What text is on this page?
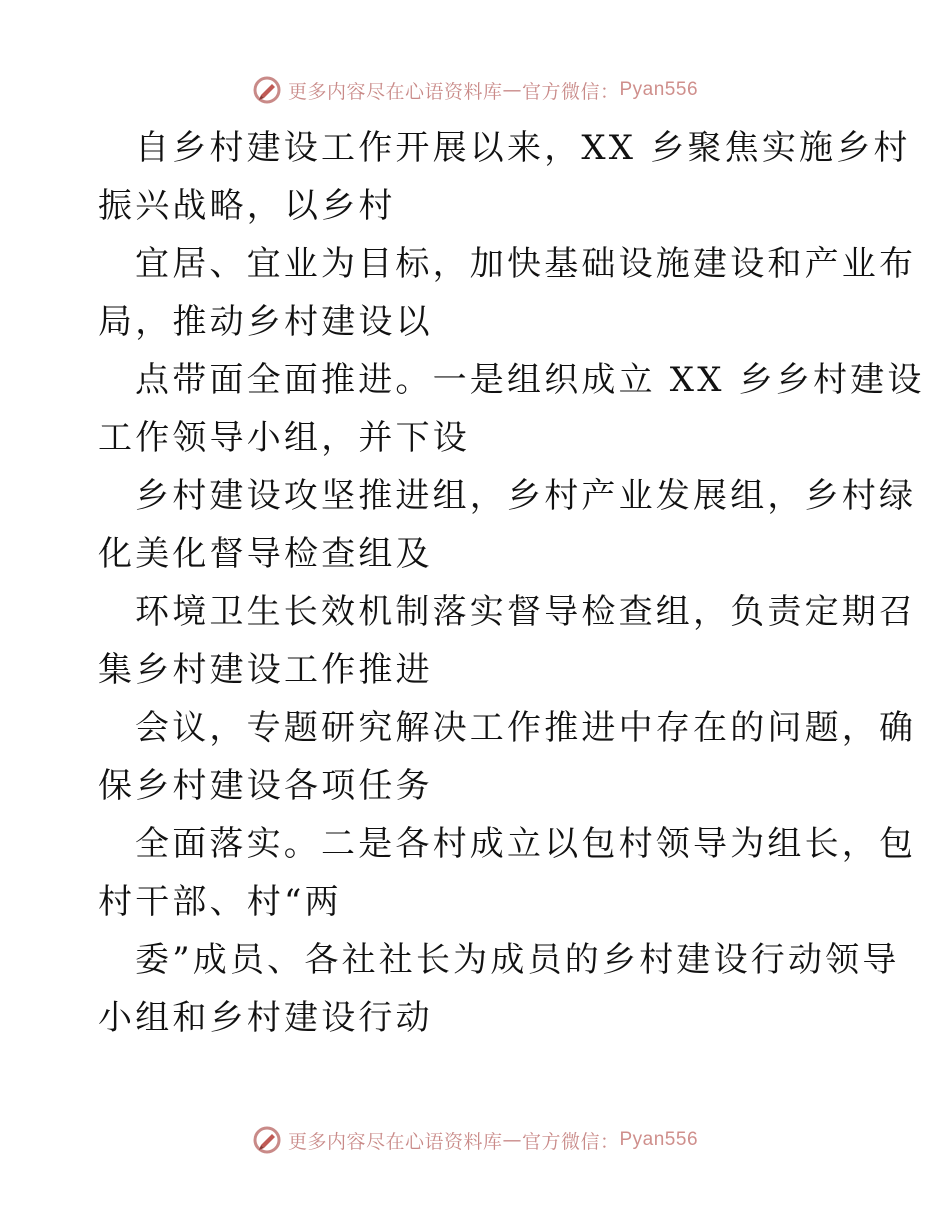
更多内容尽在心语资料库 — 官方微信： Pyan556
自乡村建设工作开展以来，XX 乡聚焦实施乡村
振兴战略，以乡村
宜居、宜业为目标，加快基础设施建设和产业布
局，推动乡村建设以
点带面全面推进。一是组织成立 XX 乡乡村建设
工作领导小组，并下设
乡村建设攻坚推进组，乡村产业发展组，乡村绿
化美化督导检查组及
环境卫生长效机制落实督导检查组，负责定期召
集乡村建设工作推进
会议，专题研究解决工作推进中存在的问题，确
保乡村建设各项任务
全面落实。二是各村成立以包村领导为组长，包
村干部、村“两
委”成员、各社社长为成员的乡村建设行动领导
小组和乡村建设行动
更多内容尽在心语资料库 — 官方微信： Pyan556
